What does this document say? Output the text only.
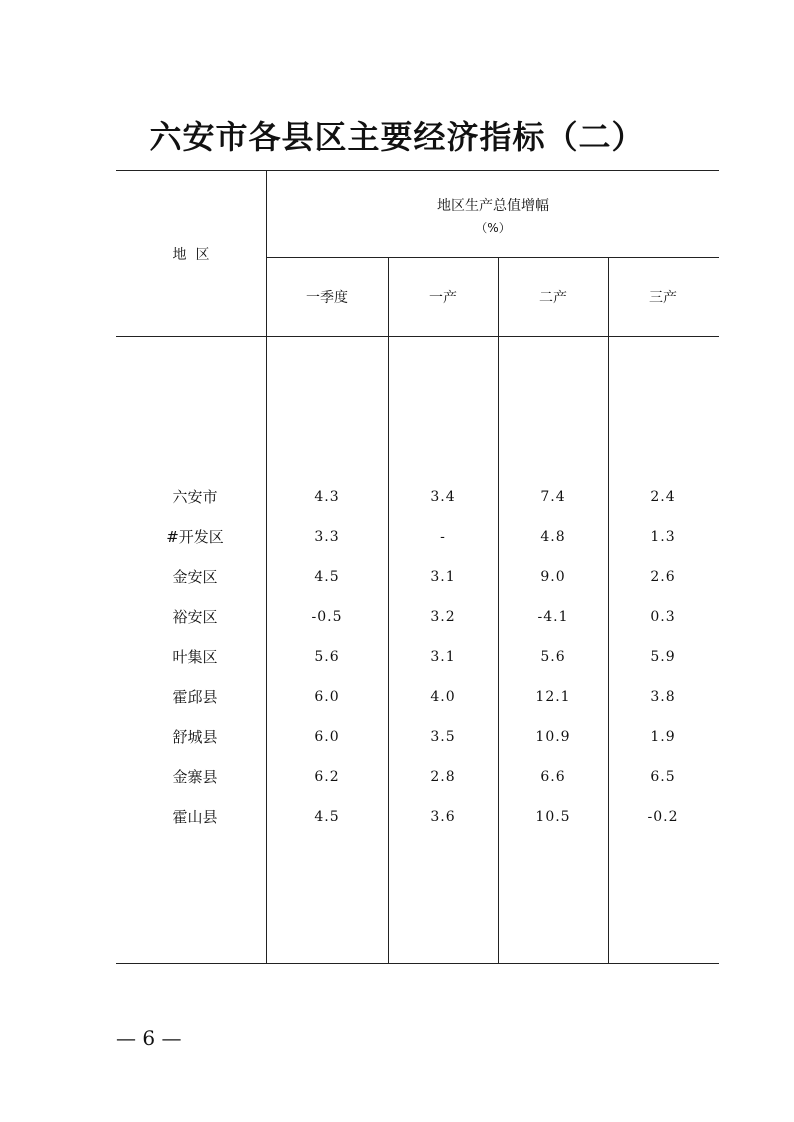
六安市各县区主要经济指标（二）
地  区
地区生产总值增幅
（%）
一季度	一产	二产	三产
六安市	4.3	3.4	7.4	2.4
#开发区	3.3	-	4.8	1.3
金安区	4.5	3.1	9.0	2.6
裕安区	-0.5	3.2	-4.1	0.3
叶集区	5.6	3.1	5.6	5.9
霍邱县	6.0	4.0	12.1	3.8
舒城县	6.0	3.5	10.9	1.9
金寨县	6.2	2.8	6.6	6.5
霍山县	4.5	3.6	10.5	-0.2
— 6 —
